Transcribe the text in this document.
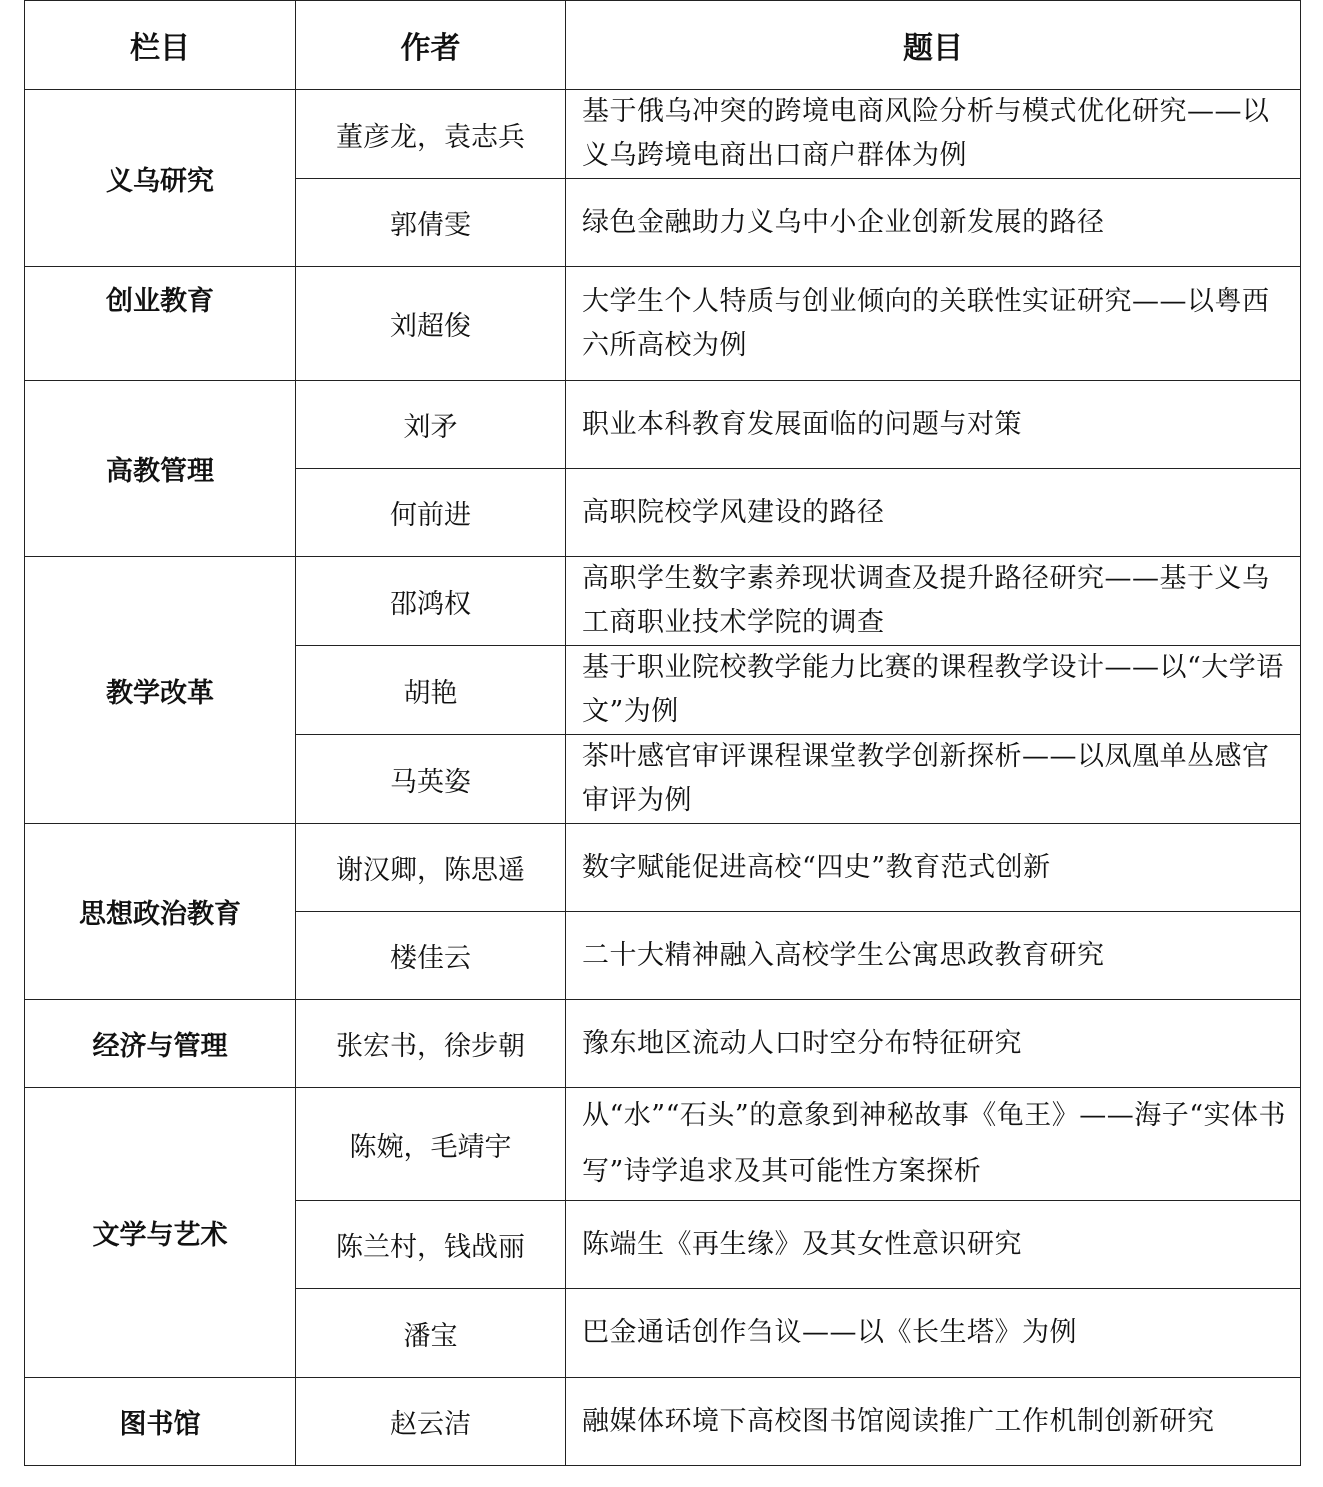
栏目	作者	题目
义乌研究	董彦龙，袁志兵	基于俄乌冲突的跨境电商风险分析与模式优化研究——以义乌跨境电商出口商户群体为例
	郭倩雯	绿色金融助力义乌中小企业创新发展的路径
创业教育	刘超俊	大学生个人特质与创业倾向的关联性实证研究——以粤西六所高校为例
高教管理	刘矛	职业本科教育发展面临的问题与对策
	何前进	高职院校学风建设的路径
教学改革	邵鸿权	高职学生数字素养现状调查及提升路径研究——基于义乌工商职业技术学院的调查
	胡艳	基于职业院校教学能力比赛的课程教学设计——以“大学语文”为例
	马英姿	茶叶感官审评课程课堂教学创新探析——以凤凰单丛感官审评为例
思想政治教育	谢汉卿，陈思遥	数字赋能促进高校“四史”教育范式创新
	楼佳云	二十大精神融入高校学生公寓思政教育研究
经济与管理	张宏书，徐步朝	豫东地区流动人口时空分布特征研究
文学与艺术	陈婉，毛靖宇	从“水”“石头”的意象到神秘故事《龟王》——海子“实体书写”诗学追求及其可能性方案探析
	陈兰村，钱战丽	陈端生《再生缘》及其女性意识研究
	潘宝	巴金通话创作刍议——以《长生塔》为例
图书馆	赵云洁	融媒体环境下高校图书馆阅读推广工作机制创新研究
